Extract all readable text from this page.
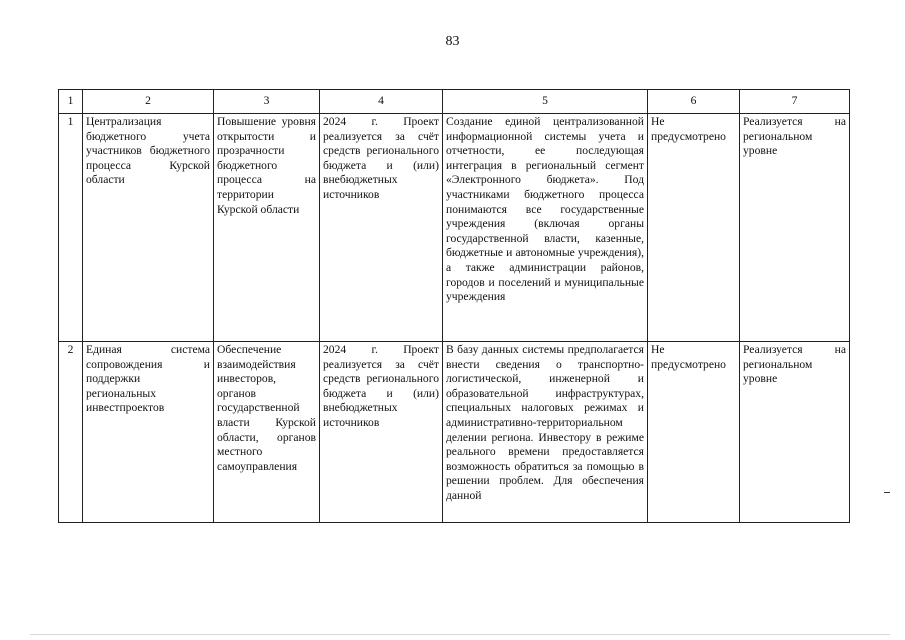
83
1	2	3	4	5	6	7
1	Централизация бюджетного учета участников бюджетного процесса Курской области	Повышение уровня открытости и прозрачности бюджетного процесса на территории Курской области	2024 г. Проект реализуется за счёт средств регионального бюджета и (или) внебюджетных источников	Создание единой централизованной информационной системы учета и отчетности, ее последующая интеграция в региональный сегмент «Электронного бюджета». Под участниками бюджетного процесса понимаются все государственные учреждения (включая органы государственной власти, казенные, бюджетные и автономные учреждения), а также администрации районов, городов и поселений и муниципальные учреждения	Не предусмотрено	Реализуется на региональном уровне
2	Единая система сопровождения и поддержки региональных инвестпроектов	Обеспечение взаимодействия инвесторов, органов государственной власти Курской области, органов местного самоуправления	2024 г. Проект реализуется за счёт средств регионального бюджета и (или) внебюджетных источников	В базу данных системы предполагается внести сведения о транспортно-логистической, инженерной и образовательной инфраструктурах, специальных налоговых режимах и административно-территориальном делении региона. Инвестору в режиме реального времени предоставляется возможность обратиться за помощью в решении проблем. Для обеспечения данной	Не предусмотрено	Реализуется на региональном уровне
